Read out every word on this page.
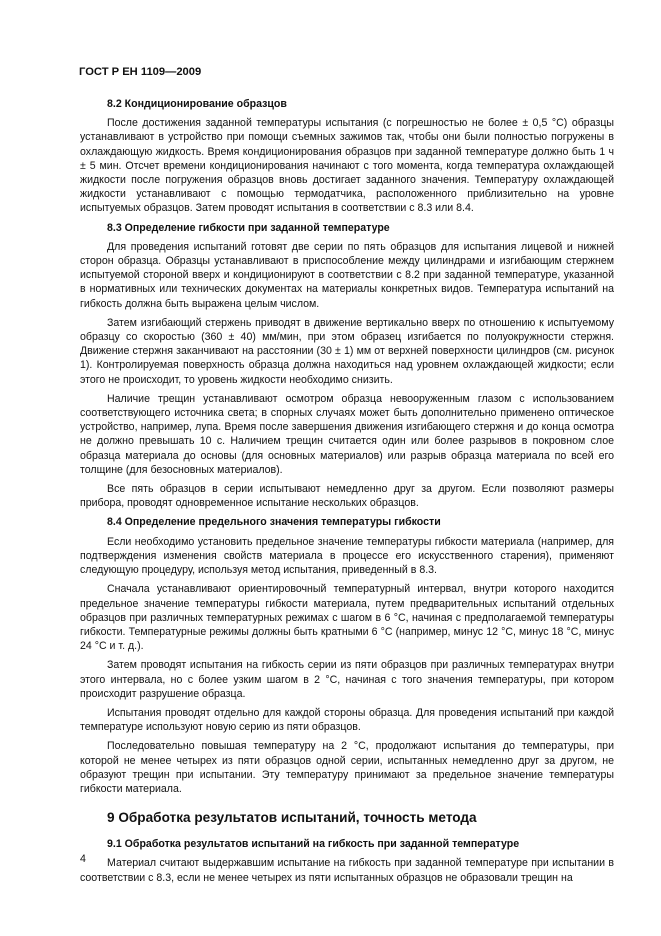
ГОСТ Р ЕН 1109—2009
8.2 Кондиционирование образцов

После достижения заданной температуры испытания (с погрешностью не более ± 0,5 °С) образцы устанавливают в устройство при помощи съемных зажимов так, чтобы они были полностью погружены в охлаждающую жидкость. Время кондиционирования образцов при заданной температуре должно быть 1 ч ± 5 мин. Отсчет времени кондиционирования начинают с того момента, когда температура охлаждающей жидкости после погружения образцов вновь достигает заданного значения. Температуру охлаждающей жидкости устанавливают с помощью термодатчика, расположенного приблизительно на уровне испытуемых образцов. Затем проводят испытания в соответствии с 8.3 или 8.4.

8.3 Определение гибкости при заданной температуре

Для проведения испытаний готовят две серии по пять образцов для испытания лицевой и нижней сторон образца. Образцы устанавливают в приспособление между цилиндрами и изгибающим стержнем испытуемой стороной вверх и кондиционируют в соответствии с 8.2 при заданной температуре, указанной в нормативных или технических документах на материалы конкретных видов. Температура испытаний на гибкость должна быть выражена целым числом.

Затем изгибающий стержень приводят в движение вертикально вверх по отношению к испытуемому образцу со скоростью (360 ± 40) мм/мин, при этом образец изгибается по полуокружности стержня. Движение стержня заканчивают на расстоянии (30 ± 1) мм от верхней поверхности цилиндров (см. рисунок 1). Контролируемая поверхность образца должна находиться над уровнем охлаждающей жидкости; если этого не происходит, то уровень жидкости необходимо снизить.

Наличие трещин устанавливают осмотром образца невооруженным глазом с использованием соответствующего источника света; в спорных случаях может быть дополнительно применено оптическое устройство, например, лупа. Время после завершения движения изгибающего стержня и до конца осмотра не должно превышать 10 с. Наличием трещин считается один или более разрывов в покровном слое образца материала до основы (для основных материалов) или разрыв образца материала по всей его толщине (для безосновных материалов).

Все пять образцов в серии испытывают немедленно друг за другом. Если позволяют размеры прибора, проводят одновременное испытание нескольких образцов.

8.4 Определение предельного значения температуры гибкости

Если необходимо установить предельное значение температуры гибкости материала (например, для подтверждения изменения свойств материала в процессе его искусственного старения), применяют следующую процедуру, используя метод испытания, приведенный в 8.3.

Сначала устанавливают ориентировочный температурный интервал, внутри которого находится предельное значение температуры гибкости материала, путем предварительных испытаний отдельных образцов при различных температурных режимах с шагом в 6 °С, начиная с предполагаемой температуры гибкости. Температурные режимы должны быть кратными 6 °С (например, минус 12 °С, минус 18 °С, минус 24 °С и т. д.).

Затем проводят испытания на гибкость серии из пяти образцов при различных температурах внутри этого интервала, но с более узким шагом в 2 °С, начиная с того значения температуры, при котором происходит разрушение образца.

Испытания проводят отдельно для каждой стороны образца. Для проведения испытаний при каждой температуре используют новую серию из пяти образцов.

Последовательно повышая температуру на 2 °С, продолжают испытания до температуры, при которой не менее четырех из пяти образцов одной серии, испытанных немедленно друг за другом, не образуют трещин при испытании. Эту температуру принимают за предельное значение температуры гибкости материала.

9 Обработка результатов испытаний, точность метода
9.1 Обработка результатов испытаний на гибкость при заданной температуре

Материал считают выдержавшим испытание на гибкость при заданной температуре при испытании в соответствии с 8.3, если не менее четырех из пяти испытанных образцов не образовали трещин на

4
